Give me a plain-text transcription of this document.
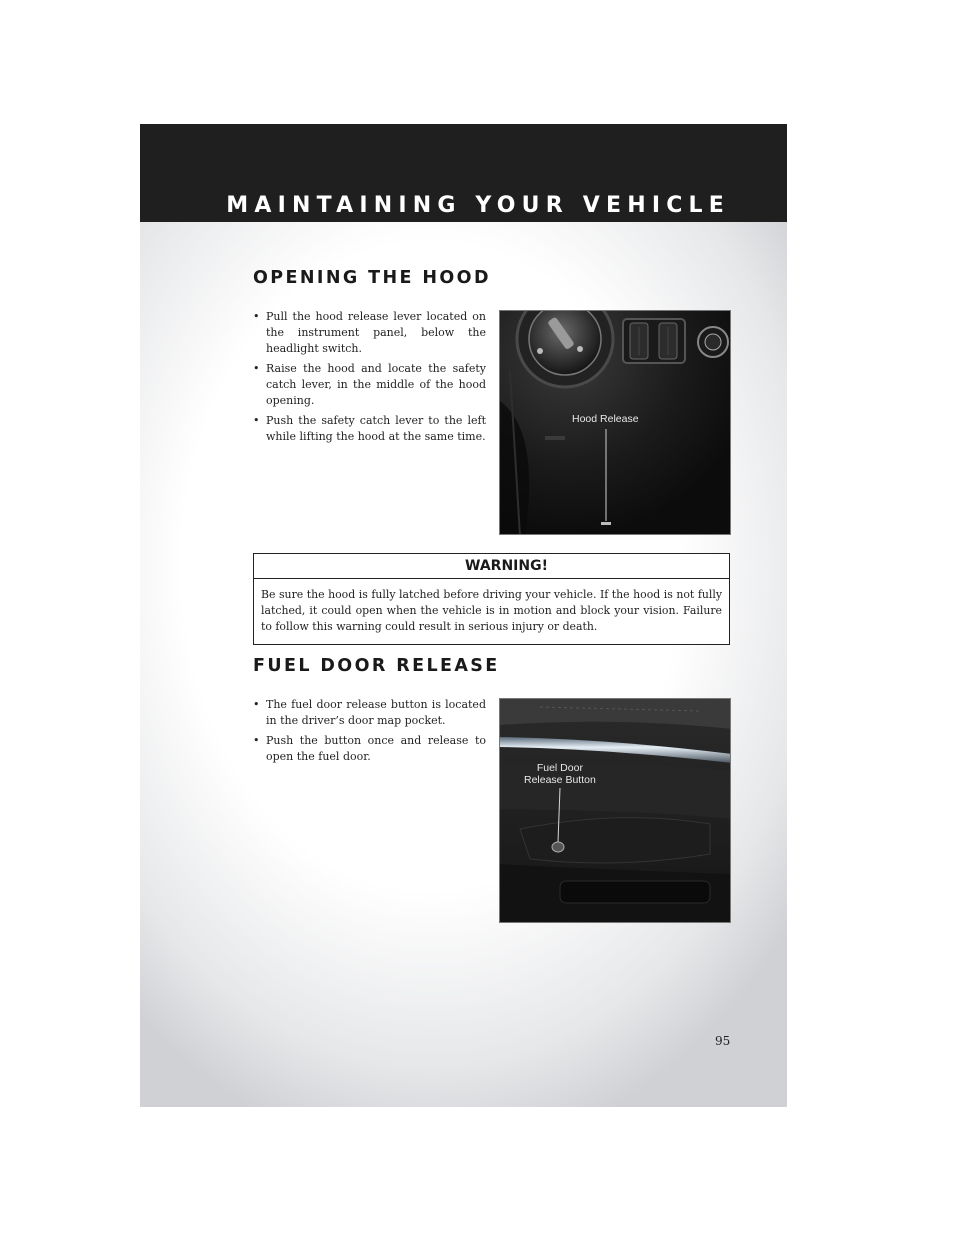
MAINTAINING YOUR VEHICLE
OPENING THE HOOD
• Pull the hood release lever located on the instrument panel, below the headlight switch.
• Raise the hood and locate the safety catch lever, in the middle of the hood opening.
• Push the safety catch lever to the left while lifting the hood at the same time.
Hood Release
WARNING!
Be sure the hood is fully latched before driving your vehicle. If the hood is not fully latched, it could open when the vehicle is in motion and block your vision. Failure to follow this warning could result in serious injury or death.
FUEL DOOR RELEASE
• The fuel door release button is located in the driver’s door map pocket.
• Push the button once and release to open the fuel door.
Fuel Door
Release Button
95
